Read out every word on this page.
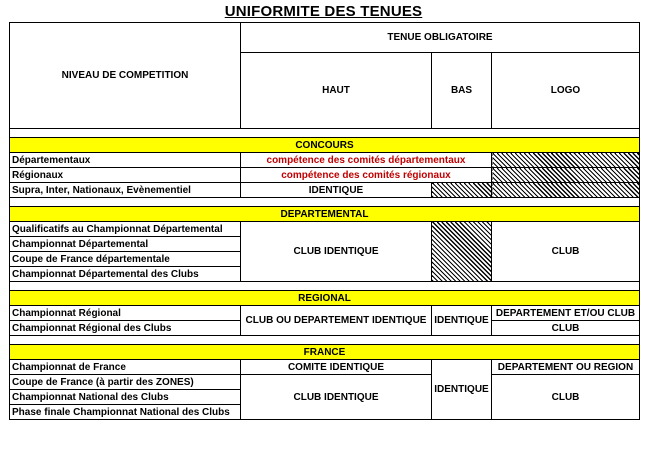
UNIFORMITE DES TENUES
NIVEAU DE COMPETITION	TENUE OBLIGATOIRE		
	HAUT	BAS	LOGO

CONCOURS			
Départementaux	compétence des comités départementaux		
Régionaux	compétence des comités régionaux		
Supra, Inter, Nationaux, Evènementiel	IDENTIQUE		

DEPARTEMENTAL			
Qualificatifs au Championnat Départemental	CLUB IDENTIQUE		CLUB
Championnat Départemental			
Coupe de France départementale			
Championnat Départemental des Clubs			

REGIONAL			
Championnat Régional	CLUB OU DEPARTEMENT IDENTIQUE	IDENTIQUE	DEPARTEMENT ET/OU CLUB
Championnat Régional des Clubs			CLUB

FRANCE			
Championnat de France	COMITE IDENTIQUE	IDENTIQUE	DEPARTEMENT OU REGION
Coupe de France (à partir des ZONES)	CLUB IDENTIQUE		CLUB
Championnat National des Clubs			
Phase finale Championnat National des Clubs			
